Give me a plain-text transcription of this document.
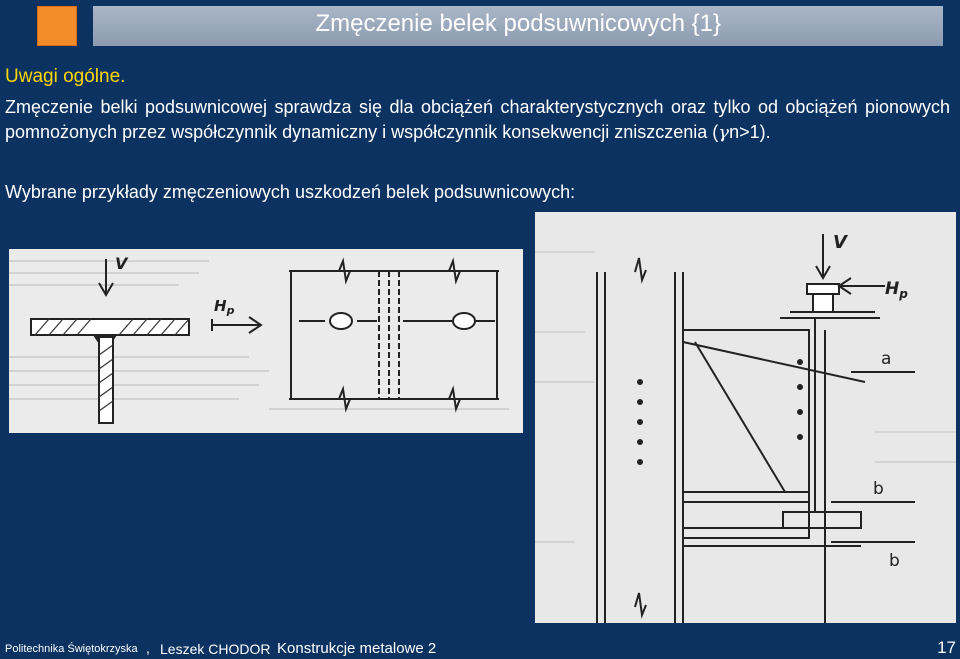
Zmęczenie belek podsuwnicowych {1}
Uwagi ogólne.
Zmęczenie belki podsuwnicowej sprawdza się dla obciążeń charakterystycznych oraz tylko od obciążeń pionowych pomnożonych przez współczynnik dynamiczny i współczynnik konsekwencji zniszczenia (γn>1).
Wybrane przykłady zmęczeniowych uszkodzeń belek podsuwnicowych:
V
$H_p$
V
$H_p$
a
b
b
Politechnika Świętokrzyska , Leszek CHODOR Konstrukcje metalowe 2	17
